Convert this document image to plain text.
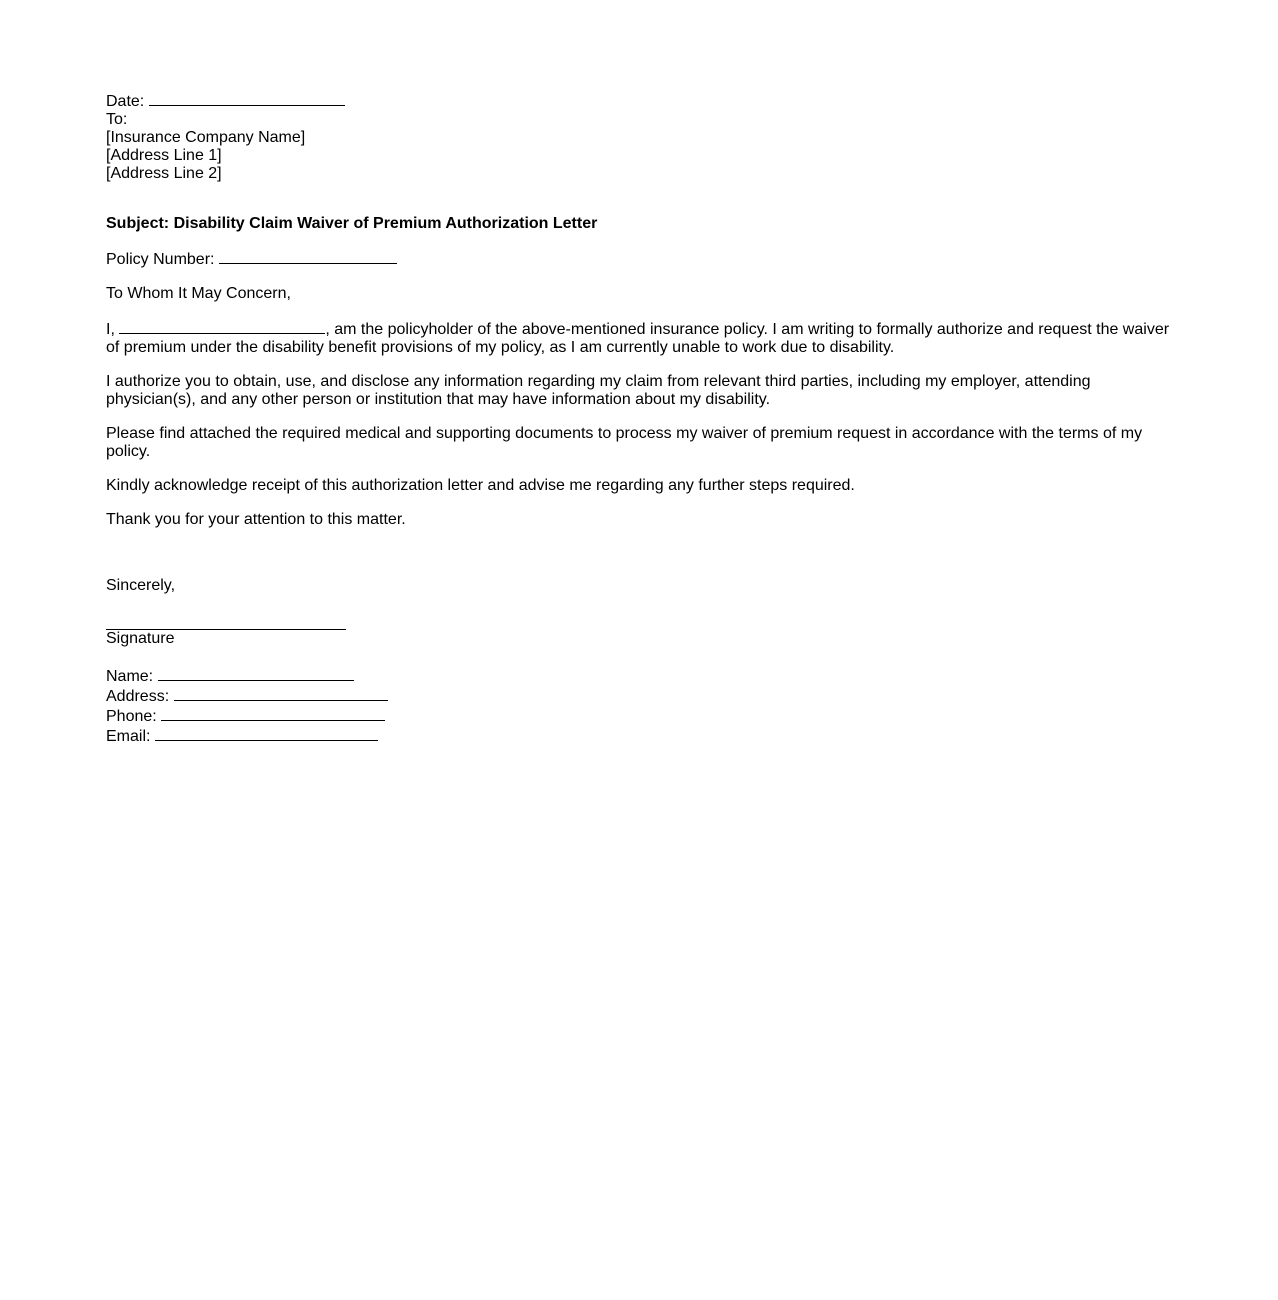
Date:
To:
[Insurance Company Name]
[Address Line 1]
[Address Line 2]
Subject: Disability Claim Waiver of Premium Authorization Letter

Policy Number:

To Whom It May Concern,

I,	, am the policyholder of the above-mentioned insurance policy. I am writing to formally authorize and request the waiver of premium under the disability benefit provisions of my policy, as I am currently unable to work due to disability.

I authorize you to obtain, use, and disclose any information regarding my claim from relevant third parties, including my employer, attending physician(s), and any other person or institution that may have information about my disability.

Please find attached the required medical and supporting documents to process my waiver of premium request in accordance with the terms of my policy.

Kindly acknowledge receipt of this authorization letter and advise me regarding any further steps required.

Thank you for your attention to this matter.

Sincerely,
Signature
Name:
Address:
Phone:
Email:
